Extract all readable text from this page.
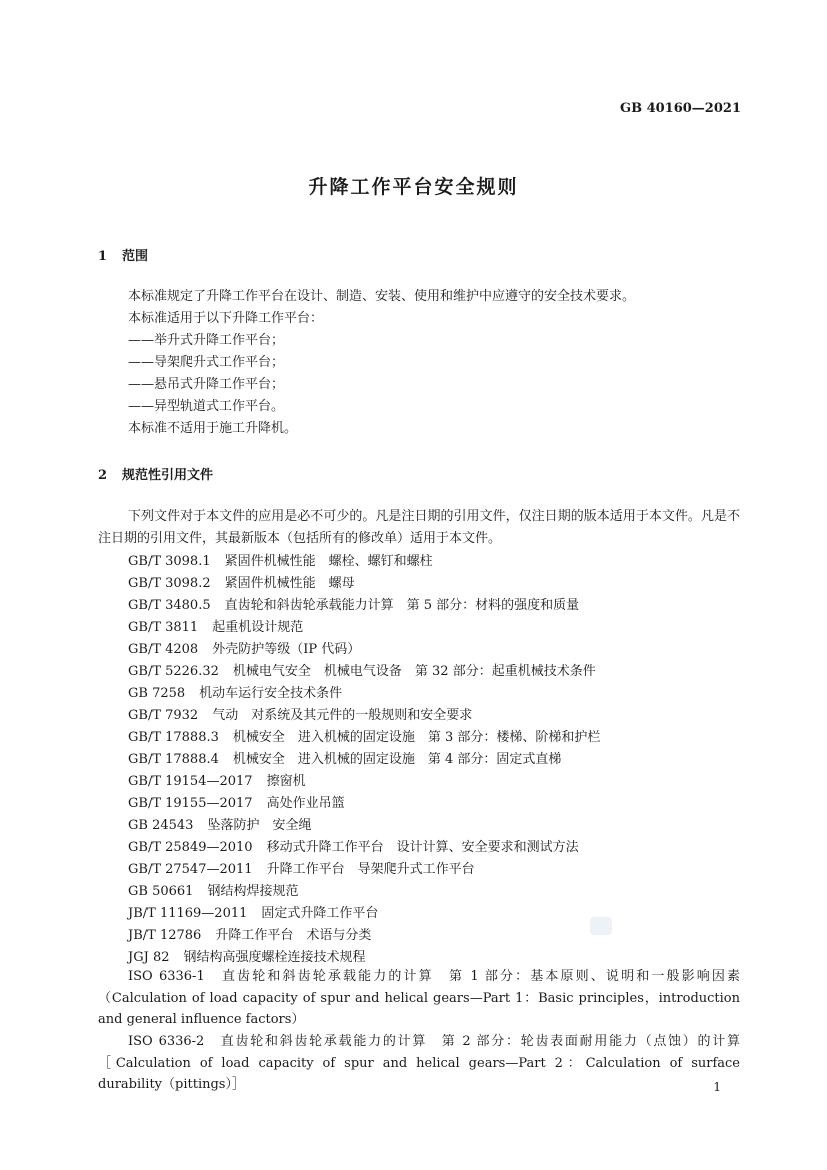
GB 40160—2021
升降工作平台安全规则
1 范围
本标准规定了升降工作平台在设计、制造、安装、使用和维护中应遵守的安全技术要求。
本标准适用于以下升降工作平台：
——举升式升降工作平台；
——导架爬升式工作平台；
——悬吊式升降工作平台；
——异型轨道式工作平台。
本标准不适用于施工升降机。
2 规范性引用文件
下列文件对于本文件的应用是必不可少的。凡是注日期的引用文件，仅注日期的版本适用于本文件。凡是不注日期的引用文件，其最新版本（包括所有的修改单）适用于本文件。
GB/T 3098.1 紧固件机械性能　螺栓、螺钉和螺柱
GB/T 3098.2 紧固件机械性能　螺母
GB/T 3480.5 直齿轮和斜齿轮承载能力计算　第 5 部分：材料的强度和质量
GB/T 3811 起重机设计规范
GB/T 4208 外壳防护等级（IP 代码）
GB/T 5226.32 机械电气安全　机械电气设备　第 32 部分：起重机械技术条件
GB 7258 机动车运行安全技术条件
GB/T 7932 气动　对系统及其元件的一般规则和安全要求
GB/T 17888.3 机械安全　进入机械的固定设施　第 3 部分：楼梯、阶梯和护栏
GB/T 17888.4 机械安全　进入机械的固定设施　第 4 部分：固定式直梯
GB/T 19154—2017 擦窗机
GB/T 19155—2017 高处作业吊篮
GB 24543 坠落防护　安全绳
GB/T 25849—2010 移动式升降工作平台　设计计算、安全要求和测试方法
GB/T 27547—2011 升降工作平台　导架爬升式工作平台
GB 50661 钢结构焊接规范
JB/T 11169—2011 固定式升降工作平台
JB/T 12786 升降工作平台　术语与分类
JGJ 82 钢结构高强度螺栓连接技术规程
ISO 6336-1　直齿轮和斜齿轮承载能力的计算　第 1 部分：基本原则、说明和一般影响因素（Calculation of load capacity of spur and helical gears—Part 1：Basic principles，introduction and general influence factors）
ISO 6336-2　直齿轮和斜齿轮承载能力的计算　第 2 部分：轮齿表面耐用能力（点蚀）的计算［Calculation of load capacity of spur and helical gears—Part 2：Calculation of surface durability（pittings）］	1
